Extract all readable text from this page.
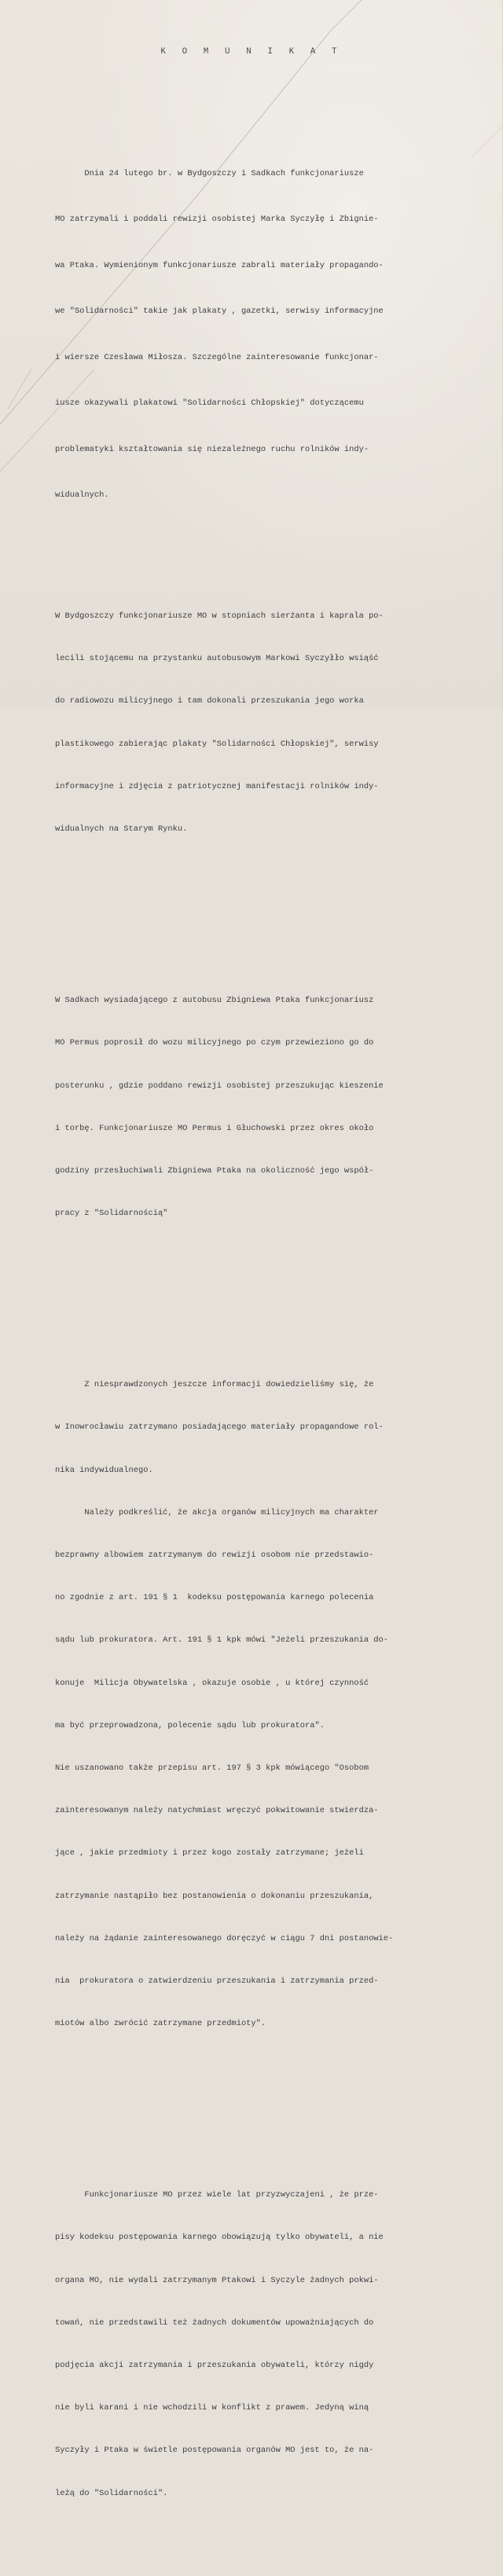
K O M U N I K A T

Dnia 24 lutego br. w Bydgoszczy i Sadkach funkcjonariusze

MO zatrzymali i poddali rewizji osobistej Marka Syczyłę i Zbignie-

wa Ptaka. Wymienionym funkcjonariusze zabrali materiały propagando-

we "Solidarności" takie jak plakaty , gazetki, serwisy informacyjne

i wiersze Czesława Miłosza. Szczególne zainteresowanie funkcjonar-

iusze okazywali plakatowi "Solidarności Chłopskiej" dotyczącemu

problematyki kształtowania się niezależnego ruchu rolników indy-

widualnych.

W Bydgoszczy funkcjonariusze MO w stopniach sierżanta i kaprala po-

lecili stojącemu na przystanku autobusowym Markowi Syczyłło wsiąść

do radiowozu milicyjnego i tam dokonali przeszukania jego worka

plastikowego zabierając plakaty "Solidarności Chłopskiej", serwisy

informacyjne i zdjęcia z patriotycznej manifestacji rolników indy-

widualnych na Starym Rynku.

W Sadkach wysiadającego z autobusu Zbigniewa Ptaka funkcjonariusz

MO Permus poprosił do wozu milicyjnego po czym przewieziono go do

posterunku , gdzie poddano rewizji osobistej przeszukując kieszenie

i torbę. Funkcjonariusze MO Permus i Głuchowski przez okres około

godziny przesłuchiwali Zbigniewa Ptaka na okoliczność jego współ-

pracy z "Solidarnością"

Z niesprawdzonych jeszcze informacji dowiedzieliśmy się, że

w Inowrocławiu zatrzymano posiadającego materiały propagandowe rol-

nika indywidualnego.

Należy podkreślić, że akcja organów milicyjnych ma charakter

bezprawny albowiem zatrzymanym do rewizji osobom nie przedstawio-

no zgodnie z art. 191 § 1  kodeksu postępowania karnego polecenia

sądu lub prokuratora. Art. 191 § 1 kpk mówi "Jeżeli przeszukania do-

konuje  Milicja Obywatelska , okazuje osobie , u której czynność

ma być przeprowadzona, polecenie sądu lub prokuratora".

Nie uszanowano także przepisu art. 197 § 3 kpk mówiącego "Osobom

zainteresowanym należy natychmiast wręczyć pokwitowanie stwierdza-

jące , jakie przedmioty i przez kogo zostały zatrzymane; jeżeli

zatrzymanie nastąpiło bez postanowienia o dokonaniu przeszukania,

należy na żądanie zainteresowanego doręczyć w ciągu 7 dni postanowie-

nia  prokuratora o zatwierdzeniu przeszukania i zatrzymania przed-

miotów albo zwrócić zatrzymane przedmioty".

Funkcjonariusze MO przez wiele lat przyzwyczajeni , że prze-

pisy kodeksu postępowania karnego obowiązują tylko obywateli, a nie

organa MO, nie wydali zatrzymanym Ptakowi i Syczyle żadnych pokwi-

towań, nie przedstawili też żadnych dokumentów upoważniających do

podjęcia akcji zatrzymania i przeszukania obywateli, którzy nigdy

nie byli karani i nie wchodzili w konflikt z prawem. Jedyną winą

Syczyły i Ptaka w świetle postępowania organów MO jest to, że na-

leżą do "Solidarności".
